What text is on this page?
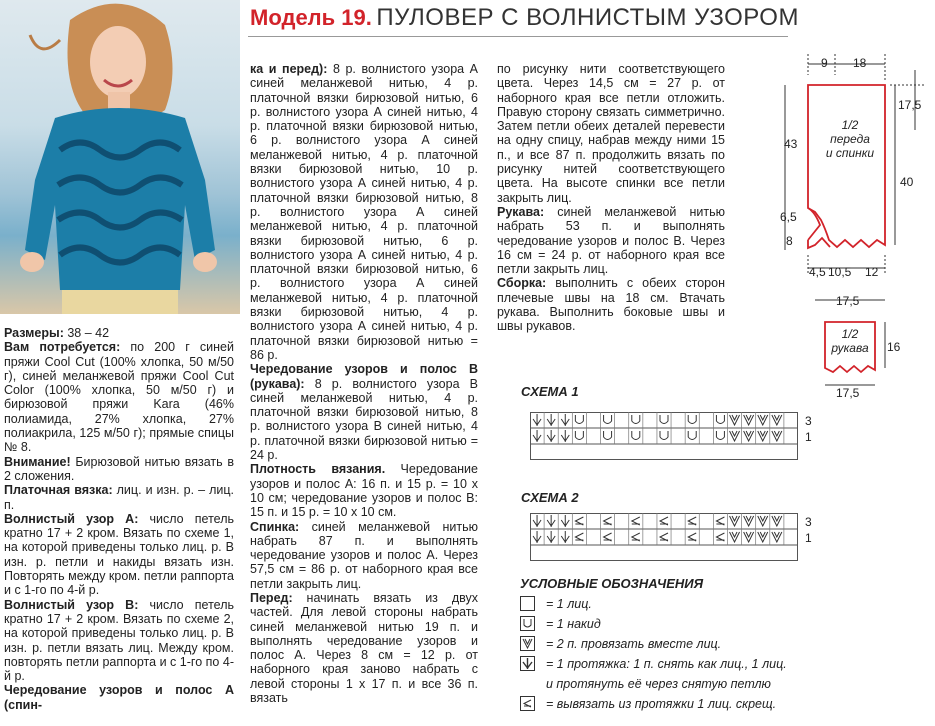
Модель 19. ПУЛОВЕР С ВОЛНИСТЫМ УЗОРОМ

Размеры: 38 – 42

Вам потребуется: по 200 г синей пряжи Cool Cut (100% хлопка, 50 м/50 г), синей меланжевой пряжи Cool Cut Color (100% хлопка, 50 м/50 г) и бирюзовой пряжи Kara (46% полиамида, 27% хлопка, 27% полиакрила, 125 м/50 г); прямые спицы № 8.

Внимание! Бирюзовой нитью вязать в 2 сложения.

Платочная вязка: лиц. и изн. р. – лиц. п.

Волнистый узор А: число петель кратно 17 + 2 кром. Вязать по схеме 1, на которой приведены только лиц. р. В изн. р. петли и накиды вязать изн. Повторять между кром. петли раппорта и с 1-го по 4-й р.

Волнистый узор В: число петель кратно 17 + 2 кром. Вязать по схеме 2, на которой приведены только лиц. р. В изн. р. петли вязать лиц. Между кром. повторять петли раппорта и с 1-го по 4-й р.

Чередование узоров и полос А (спин-

ка и перед): 8 р. волнистого узора А синей меланжевой нитью, 4 р. платочной вязки бирюзовой нитью, 6 р. волнистого узора А синей нитью, 4 р. платочной вязки бирюзовой нитью, 6 р. волнистого узора А синей меланжевой нитью, 4 р. платочной вязки бирюзовой нитью, 10 р. волнистого узора А синей нитью, 4 р. платочной вязки бирюзовой нитью, 8 р. волнистого узора А синей меланжевой нитью, 4 р. платочной вязки бирюзовой нитью, 6 р. волнистого узора А синей нитью, 4 р. платочной вязки бирюзовой нитью, 6 р. волнистого узора А синей меланжевой нитью, 4 р. платочной вязки бирюзовой нитью, 4 р. волнистого узора А синей нитью, 4 р. платочной вязки бирюзовой нитью = 86 р.

Чередование узоров и полос В (рукава): 8 р. волнистого узора В синей меланжевой нитью, 4 р. платочной вязки бирюзовой нитью, 8 р. волнистого узора В синей нитью, 4 р. платочной вязки бирюзовой нитью = 24 р.

Плотность вязания. Чередование узоров и полос А: 16 п. и 15 р. = 10 х 10 см; чередование узоров и полос В: 15 п. и 15 р. = 10 х 10 см.

Спинка: синей меланжевой нитью набрать 87 п. и выполнять чередование узоров и полос А. Через 57,5 см = 86 р. от наборного края все петли закрыть лиц.

Перед: начинать вязать из двух частей. Для левой стороны набрать синей меланжевой нитью 19 п. и выполнять чередование узоров и полос А. Через 8 см = 12 р. от наборного края заново набрать с левой стороны 1 х 17 п. и все 36 п. вязать

по рисунку нити соответствующего цвета. Через 14,5 см = 27 р. от наборного края все петли отложить. Правую сторону связать симметрично. Затем петли обеих деталей перевести на одну спицу, набрав между ними 15 п., и все 87 п. продолжить вязать по рисунку нитей соответствующего цвета. На высоте спинки все петли закрыть лиц.

Рукава: синей меланжевой нитью набрать 53 п. и выполнять чередование узоров и полос В. Через 16 см = 24 р. от наборного края все петли закрыть лиц.

Сборка: выполнить с обеих сторон плечевые швы на 18 см. Втачать рукава. Выполнить боковые швы и швы рукавов.

СХЕМА 1
3
1
СХЕМА 2
3
1
УСЛОВНЫЕ ОБОЗНАЧЕНИЯ
= 1 лиц.
= 1 накид
= 2 п. провязать вместе лиц.
= 1 протяжка: 1 п. снять как лиц., 1 лиц.
и протянуть её через снятую петлю
= вывязать из протяжки 1 лиц. скрещ.
1/2
переда
и спинки
1/2
рукава
9 18
17,5
43
40
6,5
8
4,5 10,5 12
17,5
16
17,5
